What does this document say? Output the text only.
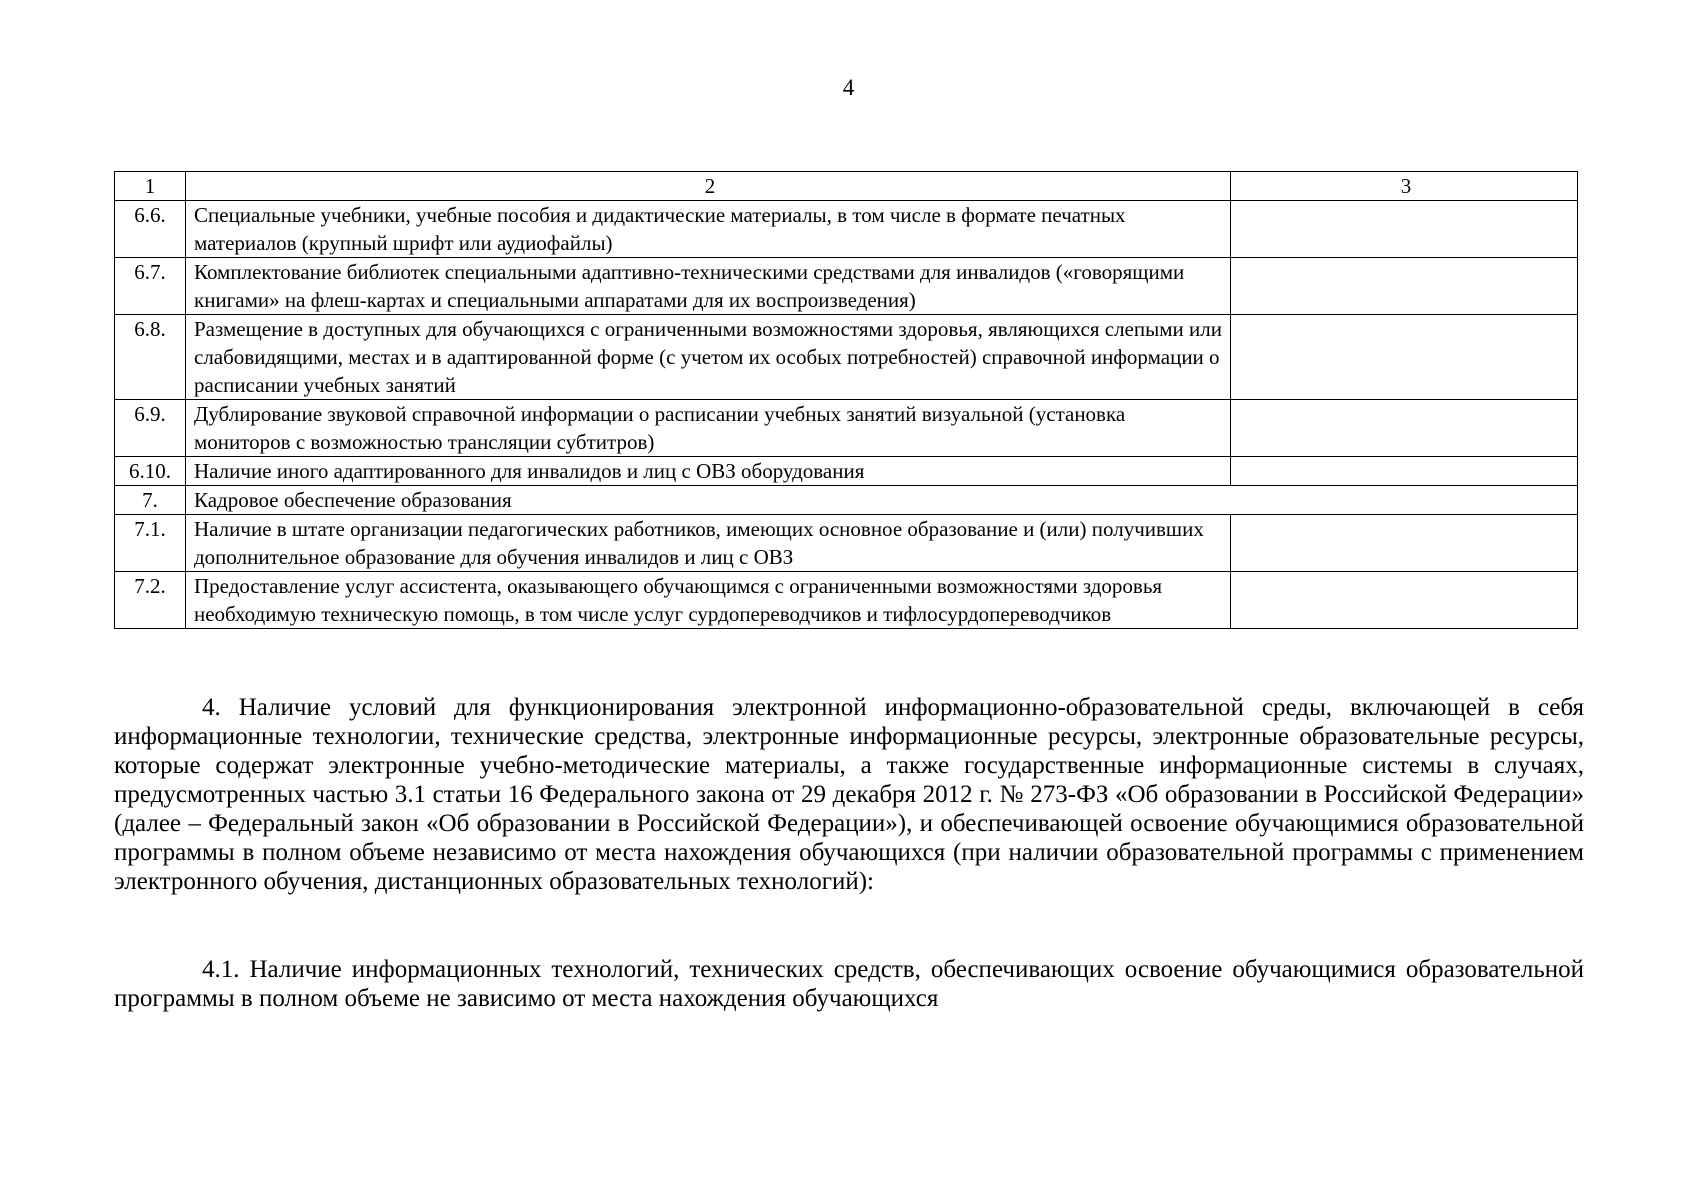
4
1	2	3
6.6.	Специальные учебники, учебные пособия и дидактические материалы, в том числе в формате печатных материалов (крупный шрифт или аудиофайлы)	
6.7.	Комплектование библиотек специальными адаптивно-техническими средствами для инвалидов («говорящими книгами» на флеш-картах и специальными аппаратами для их воспроизведения)	
6.8.	Размещение в доступных для обучающихся с ограниченными возможностями здоровья, являющихся слепыми или слабовидящими, местах и в адаптированной форме (с учетом их особых потребностей) справочной информации о расписании учебных занятий	
6.9.	Дублирование звуковой справочной информации о расписании учебных занятий визуальной (установка мониторов с возможностью трансляции субтитров)	
6.10.	Наличие иного адаптированного для инвалидов и лиц с ОВЗ оборудования	
7.	Кадровое обеспечение образования	
7.1.	Наличие в штате организации педагогических работников, имеющих основное образование и (или) получивших дополнительное образование для обучения инвалидов и лиц с ОВЗ	
7.2.	Предоставление услуг ассистента, оказывающего обучающимся с ограниченными возможностями здоровья необходимую техническую помощь, в том числе услуг сурдопереводчиков и тифлосурдопереводчиков	

4. Наличие условий для функционирования электронной информационно-образовательной среды, включающей в себя информационные технологии, технические средства, электронные информационные ресурсы, электронные образовательные ресурсы, которые содержат электронные учебно-методические материалы, а также государственные информационные системы в случаях, предусмотренных частью 3.1 статьи 16 Федерального закона от 29 декабря 2012 г. № 273-ФЗ «Об образовании в Российской Федерации» (далее – Федеральный закон «Об образовании в Российской Федерации»), и обеспечивающей освоение обучающимися образовательной программы в полном объеме независимо от места нахождения обучающихся (при наличии образовательной программы с применением электронного обучения, дистанционных образовательных технологий):

4.1. Наличие информационных технологий, технических средств, обеспечивающих освоение обучающимися образовательной программы в полном объеме не зависимо от места нахождения обучающихся
